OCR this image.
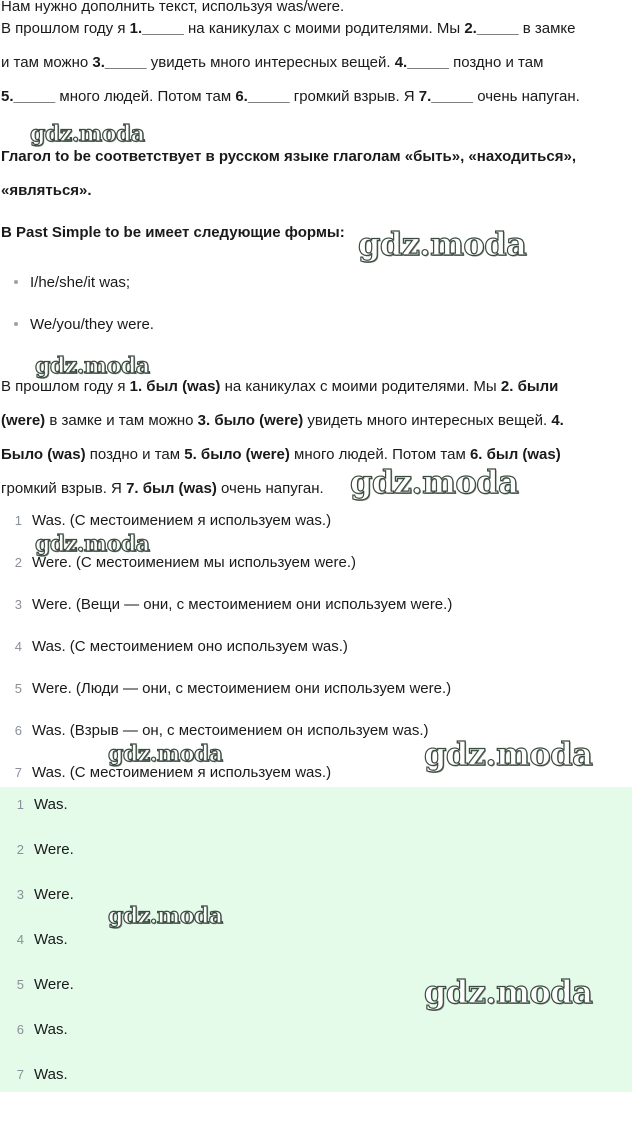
Нам нужно дополнить текст, используя was/were.

В прошлом году я 1._____ на каникулах с моими родителями. Мы 2._____ в замке

и там можно 3._____ увидеть много интересных вещей. 4._____ поздно и там

5._____ много людей. Потом там 6._____ громкий взрыв. Я 7._____ очень напуган.

Глагол to be соответствует в русском языке глаголам «быть», «находиться»,

«являться».

В Past Simple to be имеет следующие формы:

I/he/she/it was;
We/you/they were.

В прошлом году я 1. был (was) на каникулах с моими родителями. Мы 2. были

(were) в замке и там можно 3. было (were) увидеть много интересных вещей. 4.

Было (was) поздно и там 5. было (were) много людей. Потом там 6. был (was)

громкий взрыв. Я 7. был (was) очень напуган.

1 Was. (С местоимением я используем was.)
2 Were. (С местоимением мы используем were.)
3 Were. (Вещи — они, с местоимением они используем were.)
4 Was. (С местоимением оно используем was.)
5 Were. (Люди — они, с местоимением они используем were.)
6 Was. (Взрыв — он, с местоимением он используем was.)
7 Was. (С местоимением я используем was.)
1 Was.
2 Were.
3 Were.
4 Was.
5 Were.
6 Was.
7 Was.
gdz.moda
gdz.moda
gdz.moda
gdz.moda
gdz.moda
gdz.moda	gdz.moda
gdz.moda
gdz.moda
